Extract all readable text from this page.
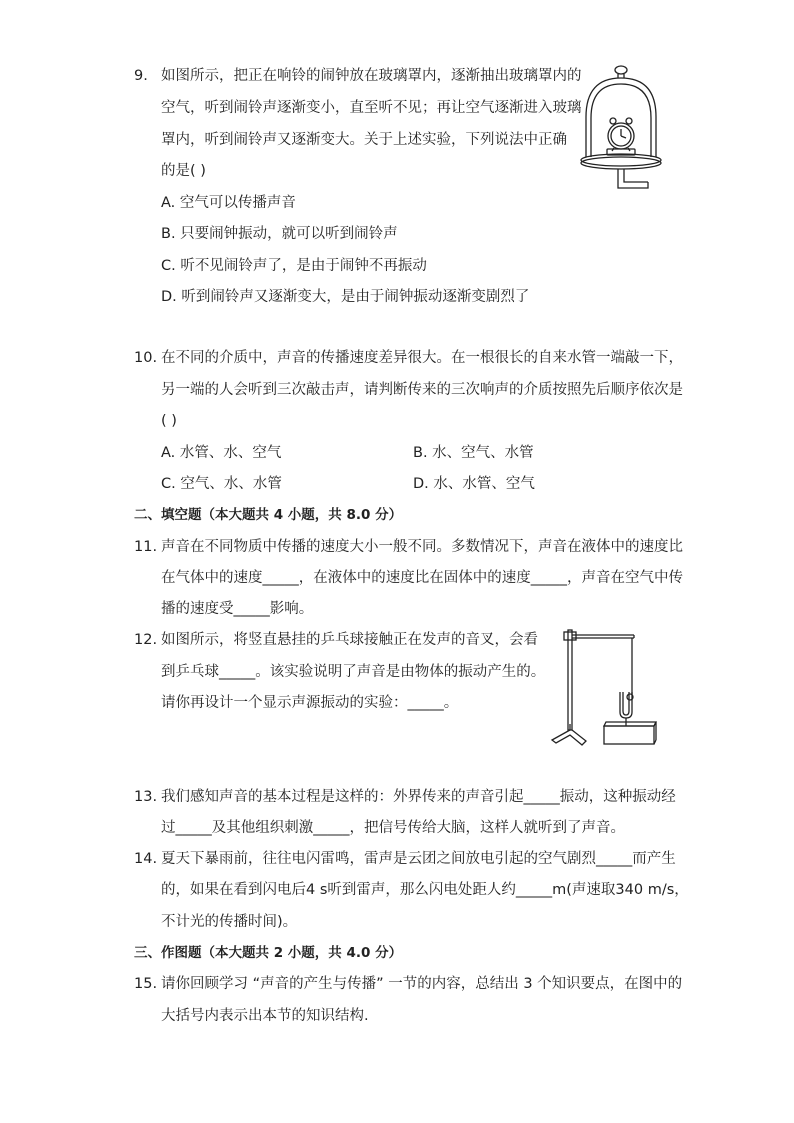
9. 如图所示，把正在响铃的闹钟放在玻璃罩内，逐渐抽出玻璃罩内的
空气，听到闹铃声逐渐变小，直至听不见；再让空气逐渐进入玻璃
罩内，听到闹铃声又逐渐变大。关于上述实验，下列说法中正确
的是( )
A. 空气可以传播声音
B. 只要闹钟振动，就可以听到闹铃声
C. 听不见闹铃声了，是由于闹钟不再振动
D. 听到闹铃声又逐渐变大，是由于闹钟振动逐渐变剧烈了
10. 在不同的介质中，声音的传播速度差异很大。在一根很长的自来水管一端敲一下，
另一端的人会听到三次敲击声，请判断传来的三次响声的介质按照先后顺序依次是
( )
A. 水管、水、空气	B. 水、空气、水管
C. 空气、水、水管	D. 水、水管、空气
二、填空题（本大题共 4 小题，共 8.0 分）
11. 声音在不同物质中传播的速度大小一般不同。多数情况下，声音在液体中的速度比
在气体中的速度_____，在液体中的速度比在固体中的速度_____，声音在空气中传
播的速度受_____影响。
12. 如图所示，将竖直悬挂的乒乓球接触正在发声的音叉，会看
到乒乓球_____。该实验说明了声音是由物体的振动产生的。
请你再设计一个显示声源振动的实验：_____。
13. 我们感知声音的基本过程是这样的：外界传来的声音引起_____振动，这种振动经
过_____及其他组织刺激_____，把信号传给大脑，这样人就听到了声音。
14. 夏天下暴雨前，往往电闪雷鸣，雷声是云团之间放电引起的空气剧烈_____而产生
的，如果在看到闪电后4 s听到雷声，那么闪电处距人约_____m(声速取340 m/s，
不计光的传播时间)。
三、作图题（本大题共 2 小题，共 4.0 分）
15. 请你回顾学习 “声音的产生与传播” 一节的内容，总结出 3 个知识要点，在图中的
大括号内表示出本节的知识结构.
